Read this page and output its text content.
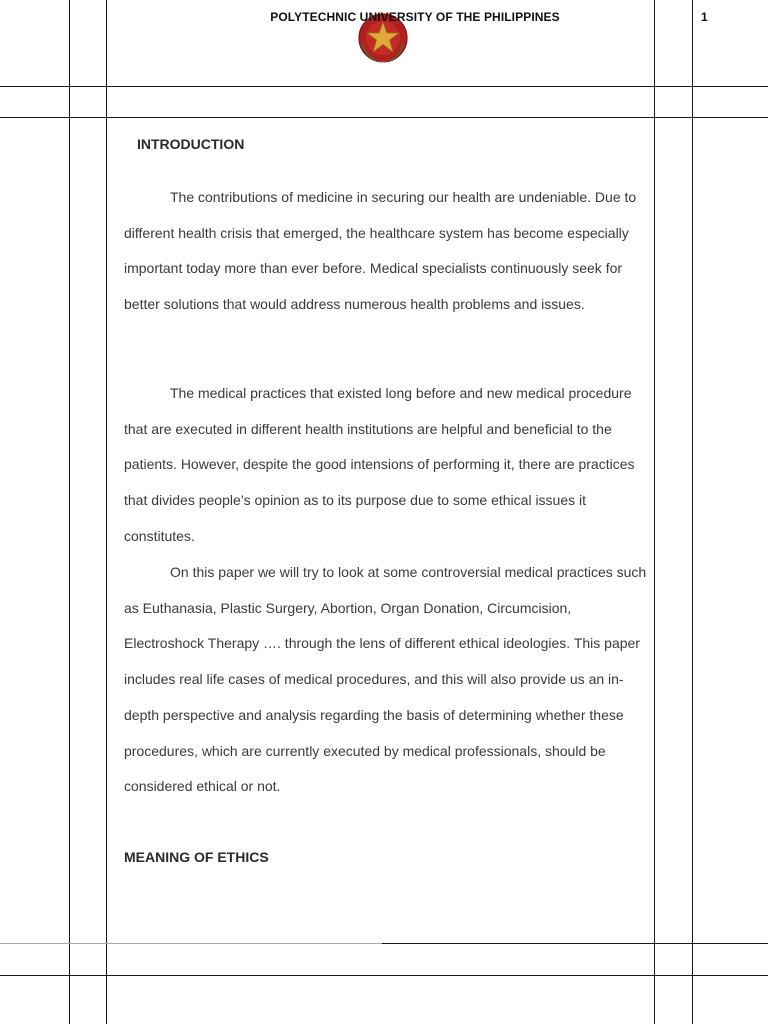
1904
POLYTECHNIC UNIVERSITY OF THE PHILIPPINES	1
INTRODUCTION
The contributions of medicine in securing our health are undeniable. Due to different health crisis that emerged, the healthcare system has become especially important today more than ever before. Medical specialists continuously seek for better solutions that would address numerous health problems and issues.
The medical practices that existed long before and new medical procedure that are executed in different health institutions are helpful and beneficial to the patients. However, despite the good intensions of performing it, there are practices that divides people’s opinion as to its purpose due to some ethical issues it constitutes.
On this paper we will try to look at some controversial medical practices such as Euthanasia, Plastic Surgery, Abortion, Organ Donation, Circumcision, Electroshock Therapy …. through the lens of different ethical ideologies. This paper includes real life cases of medical procedures, and this will also provide us an in-depth perspective and analysis regarding the basis of determining whether these procedures, which are currently executed by medical professionals, should be considered ethical or not.
MEANING OF ETHICS
